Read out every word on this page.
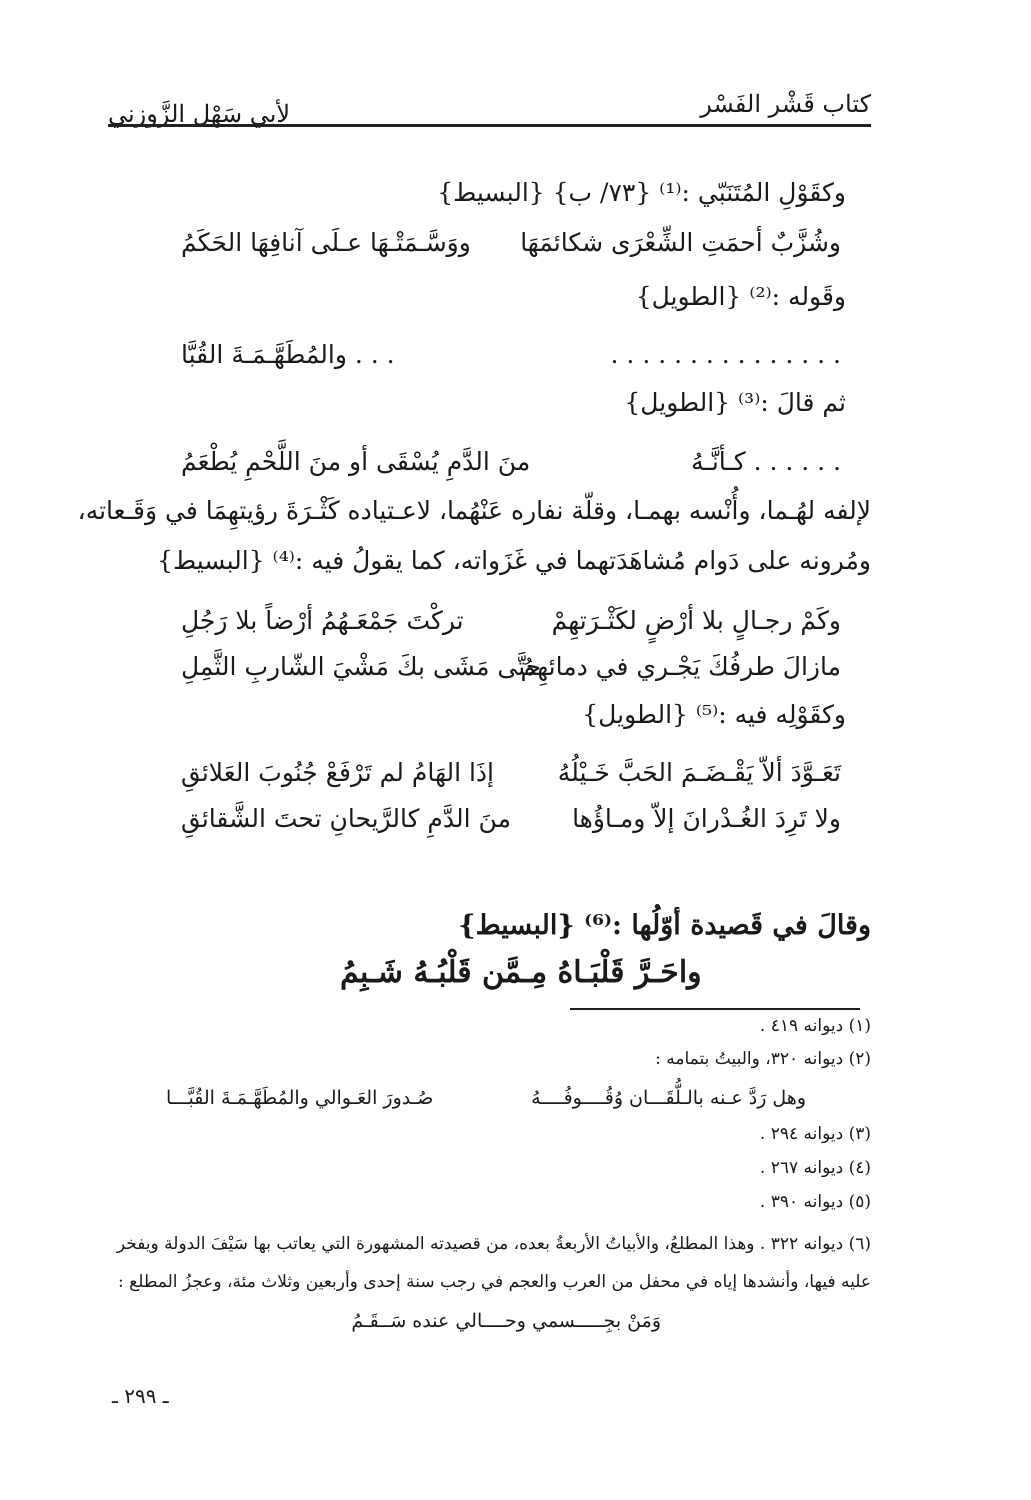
كتاب قَشْر الفَسْر
لأبي سَهْل الزَّوزني
وكقَوْلِ المُتَنَبّي :⁽¹⁾ {٧٣/ ب} {البسيط}
وشُزَّبٌ أحمَتِ الشِّعْرَى شكائمَهَا
ووَسَّـمَتْـهَا عـلَى آنافِهَا الحَكَمُ
وقَوله :⁽²⁾ {الطويل}
. . . . . . . . . . . . . . .
. . . والمُطَهَّـمَـةَ القُبَّا
ثم قالَ :⁽³⁾ {الطويل}
. . . . . . كـأنَّـهُ
منَ الدَّمِ يُسْقَى أو منَ اللَّحْمِ يُطْعَمُ
لإلفه لهُـما، وأُنْسه بهمـا، وقلّة نفاره عَنْهُما، لاعـتياده كَثْـرَةَ رؤيتهِمَا في وَقَـعاته،
ومُرونه على دَوام مُشاهَدَتهما في غَزَواته، كما يقولُ فيه :⁽⁴⁾ {البسيط}
وكَمْ رجـالٍ بلا أرْضٍ لكَثْـرَتهِمْ
تركْتَ جَمْعَـهُمُ أرْضاً بلا رَجُلِ
مازالَ طرفُكَ يَجْـري في دمائهِمُ
حتَّى مَشَى بكَ مَشْيَ الشّاربِ الثَّمِلِ
وكقَوْلِه فيه :⁽⁵⁾ {الطويل}
تَعَـوَّدَ ألاّ يَقْـضَـمَ الحَبَّ خَـيْلُهُ
إذَا الهَامُ لم تَرْفَعْ جُنُوبَ العَلائقِ
ولا تَرِدَ الغُـدْرانَ إلاّ ومـاؤُها
منَ الدَّمِ كالرَّيحانِ تحتَ الشَّقائقِ
وقالَ في قَصيدة أوّلُها :⁽⁶⁾ {البسيط}
واحَـرَّ قَلْبَـاهُ مِـمَّن قَلْبُـهُ شَـبِمُ
(١) ديوانه ٤١٩ .
(٢) ديوانه ٣٢٠، والبيتُ بتمامه :
وهل رَدَّ عـنه بالـلُّقَـــان وُقُــــوفُــــهُ
صُـدورَ العَـوالي والمُطَهَّـمَـةَ القُبَّـــا
(٣) ديوانه ٢٩٤ .
(٤) ديوانه ٢٦٧ .
(٥) ديوانه ٣٩٠ .
(٦) ديوانه ٣٢٢ . وهذا المطلعُ، والأبياتُ الأربعةُ بعده، من قصيدته المشهورة التي يعاتب بها سَيْفَ الدولة ويفخر
عليه فيها، وأنشدها إياه في محفل من العرب والعجم في رجب سنة إحدى وأربعين وثلاث مئة، وعجزُ المطلع :
وَمَنْ بجِـــــسمي وحــــالي عنده سَــقَـمُ
ـ ٢٩٩ ـ
